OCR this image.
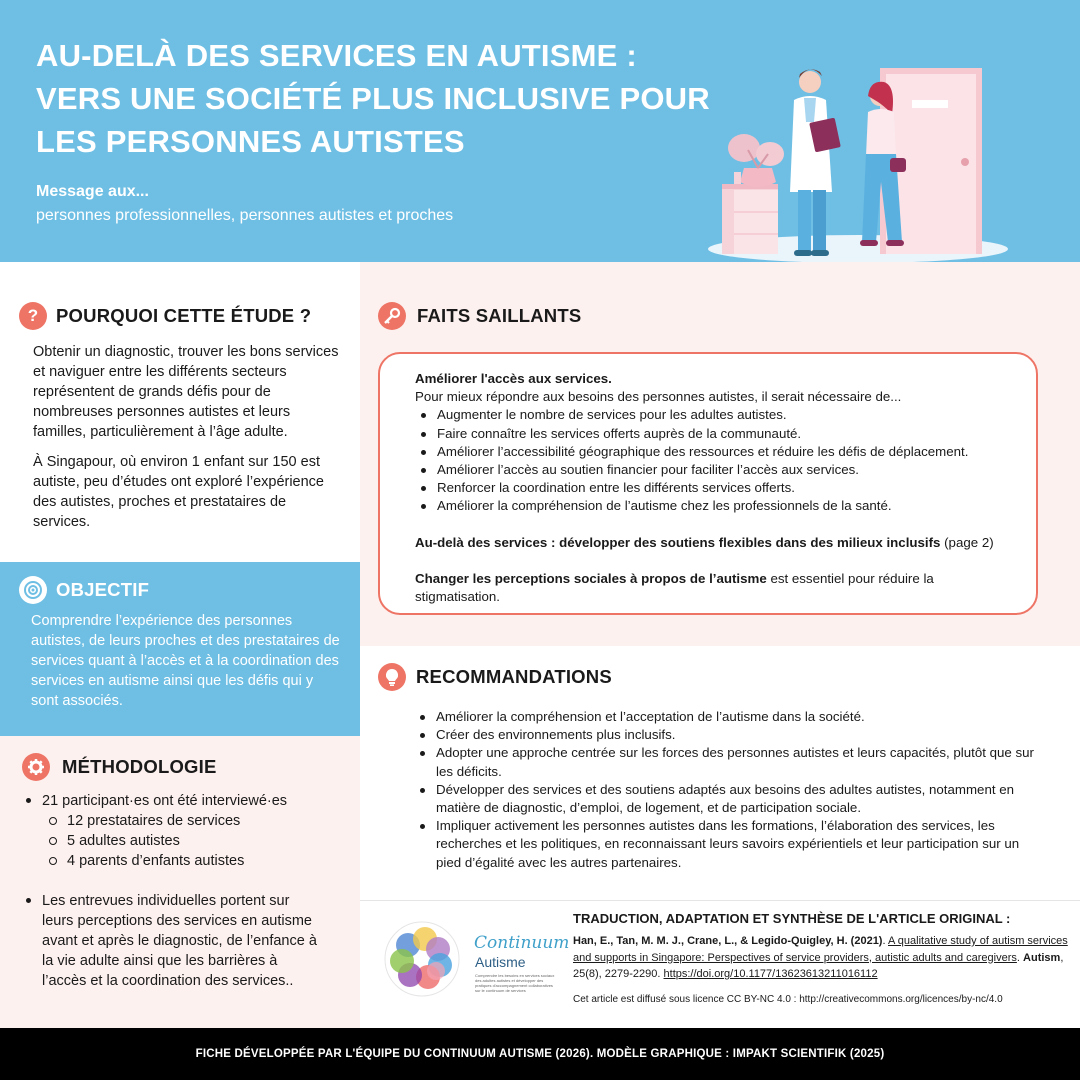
AU-DELÀ DES SERVICES EN AUTISME : VERS UNE SOCIÉTÉ PLUS INCLUSIVE POUR LES PERSONNES AUTISTES
Message aux...
personnes professionnelles, personnes autistes et proches
? POURQUOI CETTE ÉTUDE ?

Obtenir un diagnostic, trouver les bons services et naviguer entre les différents secteurs représentent de grands défis pour de nombreuses personnes autistes et leurs familles, particulièrement à l’âge adulte.

À Singapour, où environ 1 enfant sur 150 est autiste, peu d’études ont exploré l’expérience des autistes, proches et prestataires de services.

OBJECTIF
Comprendre l’expérience des personnes autistes, de leurs proches et des prestataires de services quant à l’accès et à la coordination des services en autisme ainsi que les défis qui y sont associés.
MÉTHODOLOGIE
21 participant·es ont été interviewé·es
12 prestataires de services
5 adultes autistes
4 parents d’enfants autistes
Les entrevues individuelles portent sur leurs perceptions des services en autisme avant et après le diagnostic, de l’enfance à la vie adulte ainsi que les barrières à l’accès et la coordination des services..
FAITS SAILLANTS
Améliorer l'accès aux services.
Pour mieux répondre aux besoins des personnes autistes, il serait nécessaire de...
Augmenter le nombre de services pour les adultes autistes.
Faire connaître les services offerts auprès de la communauté.
Améliorer l’accessibilité géographique des ressources et réduire les défis de déplacement.
Améliorer l’accès au soutien financier pour faciliter l’accès aux services.
Renforcer la coordination entre les différents services offerts.
Améliorer la compréhension de l’autisme chez les professionnels de la santé.
Au-delà des services : développer des soutiens flexibles dans des milieux inclusifs (page 2)
Changer les perceptions sociales à propos de l’autisme est essentiel pour réduire la stigmatisation.
RECOMMANDATIONS
Améliorer la compréhension et l’acceptation de l’autisme dans la société.
Créer des environnements plus inclusifs.
Adopter une approche centrée sur les forces des personnes autistes et leurs capacités, plutôt que sur les déficits.
Développer des services et des soutiens adaptés aux besoins des adultes autistes, notamment en matière de diagnostic, d’emploi, de logement, et de participation sociale.
Impliquer activement les personnes autistes dans les formations, l’élaboration des services, les recherches et les politiques, en reconnaissant leurs savoirs expérientiels et leur participation sur un pied d’égalité avec les autres partenaires.
Continuum
Autisme
Comprendre les besoins en services sociaux des adultes autistes et développer des pratiques d'accompagnement collaboratives sur le continuum de services
TRADUCTION, ADAPTATION ET SYNTHÈSE DE L'ARTICLE ORIGINAL :
Han, E., Tan, M. M. J., Crane, L., & Legido-Quigley, H. (2021). A qualitative study of autism services and supports in Singapore: Perspectives of service providers, autistic adults and caregivers. Autism, 25(8), 2279-2290. https://doi.org/10.1177/13623613211016112
Cet article est diffusé sous licence CC BY-NC 4.0 : http://creativecommons.org/licences/by-nc/4.0
FICHE DÉVELOPPÉE PAR L'ÉQUIPE DU CONTINUUM AUTISME (2026). MODÈLE GRAPHIQUE : IMPAKT SCIENTIFIK (2025)
